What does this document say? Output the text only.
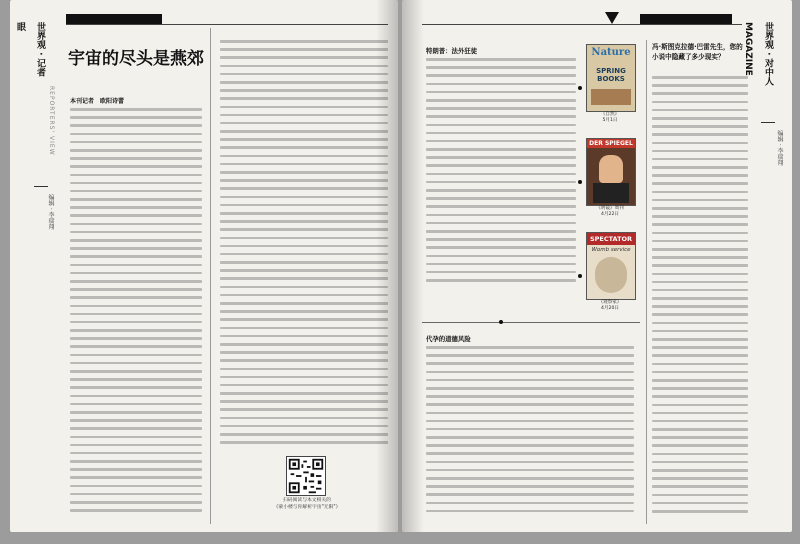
世界观 · 记者眼
REPORTERS' VIEW
编辑 · 李瑞翔
宇宙的尽头是燕郊
本刊记者　欧阳诗蕾
扫码阅读与本文相关的
《蒙小楼与你解析宇宙"无限"》
特朗普：法外狂徒	Nature
SPRING BOOKS
《自然》
5月1日
DER SPIEGEL
《明镜》周刊
4月22日
SPECTATOR
Womb service
《观察家》
4月20日
代孕的道德风险
冯·斯图克拉德·巴雷先生，您的小说中隐藏了多少现实？	世界观 · 对中人 MAGAZINE
编辑 · 李瑞翔
